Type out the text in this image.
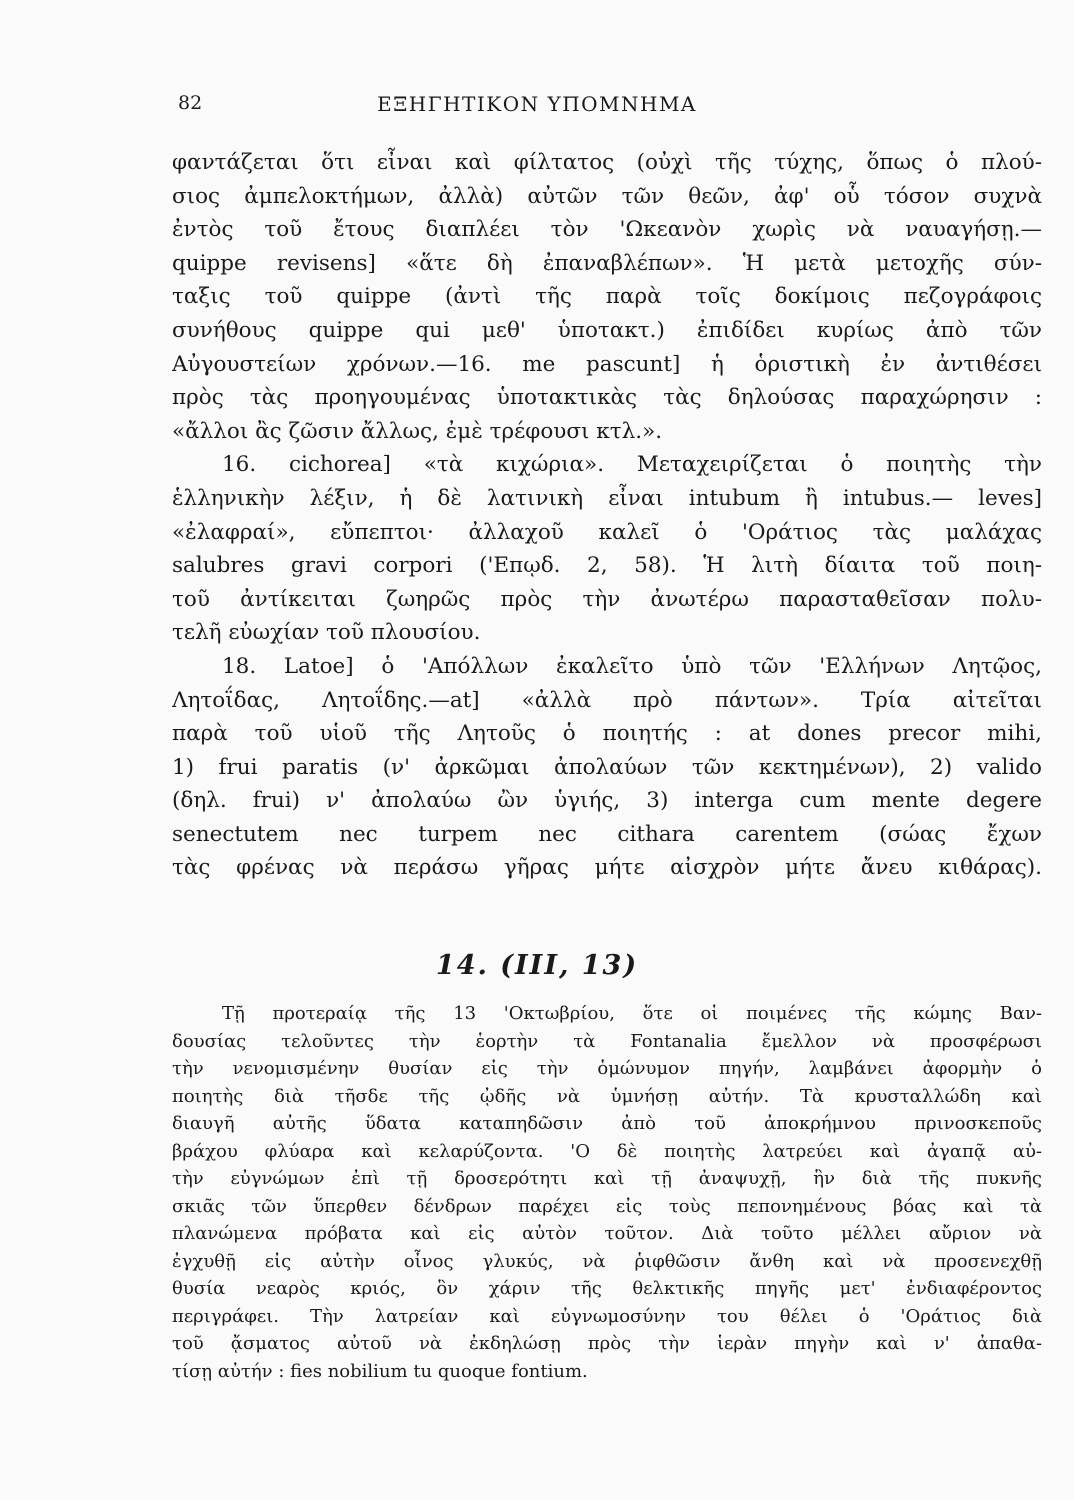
82	ΕΞΗΓΗΤΙΚΟΝ ΥΠΟΜΝΗΜΑ
φαντάζεται ὅτι εἶναι καὶ φίλτατος (οὐχὶ τῆς τύχης, ὅπως ὁ πλού-
σιος ἀμπελοκτήμων, ἀλλὰ) αὐτῶν τῶν θεῶν, ἀφ' οὗ τόσον συχνὰ
ἐντὸς τοῦ ἔτους διαπλέει τὸν 'Ωκεανὸν χωρὶς νὰ ναυαγήσῃ.—
quippe revisens] «ἅτε δὴ ἐπαναβλέπων». Ἡ μετὰ μετοχῆς σύν-
ταξις τοῦ quippe (ἀντὶ τῆς παρὰ τοῖς δοκίμοις πεζογράφοις
συνήθους quippe qui μεθ' ὑποτακτ.) ἐπιδίδει κυρίως ἀπὸ τῶν
Αὐγουστείων χρόνων.—16. me pascunt] ἡ ὁριστικὴ ἐν ἀντιθέσει
πρὸς τὰς προηγουμένας ὑποτακτικὰς τὰς δηλούσας παραχώρησιν :
«ἄλλοι ἂς ζῶσιν ἄλλως, ἐμὲ τρέφουσι κτλ.».
16. cichorea] «τὰ κιχώρια». Μεταχειρίζεται ὁ ποιητὴς τὴν
ἑλληνικὴν λέξιν, ἡ δὲ λατινικὴ εἶναι intubum ἢ intubus.— leves]
«ἐλαφραί», εὔπεπτοι· ἀλλαχοῦ καλεῖ ὁ 'Οράτιος τὰς μαλάχας
salubres gravi corpori ('Επῳδ. 2, 58). Ἡ λιτὴ δίαιτα τοῦ ποιη-
τοῦ ἀντίκειται ζωηρῶς πρὸς τὴν ἀνωτέρω παρασταθεῖσαν πολυ-
τελῆ εὐωχίαν τοῦ πλουσίου.
18. Latoe] ὁ 'Απόλλων ἐκαλεῖτο ὑπὸ τῶν 'Ελλήνων Λητῷος,
Λητοΐδας, Λητοΐδης.—at] «ἀλλὰ πρὸ πάντων». Τρία αἰτεῖται
παρὰ τοῦ υἱοῦ τῆς Λητοῦς ὁ ποιητής : at dones precor mihi,
1) frui paratis (ν' ἀρκῶμαι ἀπολαύων τῶν κεκτημένων), 2) valido
(δηλ. frui) ν' ἀπολαύω ὢν ὑγιής, 3) interga cum mente degere
senectutem nec turpem nec cithara carentem (σώας ἔχων
τὰς φρένας νὰ περάσω γῆρας μήτε αἰσχρὸν μήτε ἄνευ κιθάρας).
14. (III, 13)
Τῇ προτεραίᾳ τῆς 13 'Οκτωβρίου, ὅτε οἱ ποιμένες τῆς κώμης Βαν-
δουσίας τελοῦντες τὴν ἑορτὴν τὰ Fontanalia ἔμελλον νὰ προσφέρωσι
τὴν νενομισμένην θυσίαν εἰς τὴν ὁμώνυμον πηγήν, λαμβάνει ἀφορμὴν ὁ
ποιητὴς διὰ τῆσδε τῆς ᾠδῆς νὰ ὑμνήσῃ αὐτήν. Τὰ κρυσταλλώδη καὶ
διαυγῆ αὐτῆς ὕδατα καταπηδῶσιν ἀπὸ τοῦ ἀποκρήμνου πρινοσκεποῦς
βράχου φλύαρα καὶ κελαρύζοντα. 'Ο δὲ ποιητὴς λατρεύει καὶ ἀγαπᾷ αὐ-
τὴν εὐγνώμων ἐπὶ τῇ δροσερότητι καὶ τῇ ἀναψυχῇ, ἣν διὰ τῆς πυκνῆς
σκιᾶς τῶν ὕπερθεν δένδρων παρέχει εἰς τοὺς πεπονημένους βόας καὶ τὰ
πλανώμενα πρόβατα καὶ εἰς αὐτὸν τοῦτον. Διὰ τοῦτο μέλλει αὔριον νὰ
ἐγχυθῇ εἰς αὐτὴν οἶνος γλυκύς, νὰ ῥιφθῶσιν ἄνθη καὶ νὰ προσενεχθῇ
θυσία νεαρὸς κριός, ὃν χάριν τῆς θελκτικῆς πηγῆς μετ' ἐνδιαφέροντος
περιγράφει. Τὴν λατρείαν καὶ εὐγνωμοσύνην του θέλει ὁ 'Οράτιος διὰ
τοῦ ᾄσματος αὐτοῦ νὰ ἐκδηλώσῃ πρὸς τὴν ἱερὰν πηγὴν καὶ ν' ἀπαθα-
τίσῃ αὐτήν : fies nobilium tu quoque fontium.
